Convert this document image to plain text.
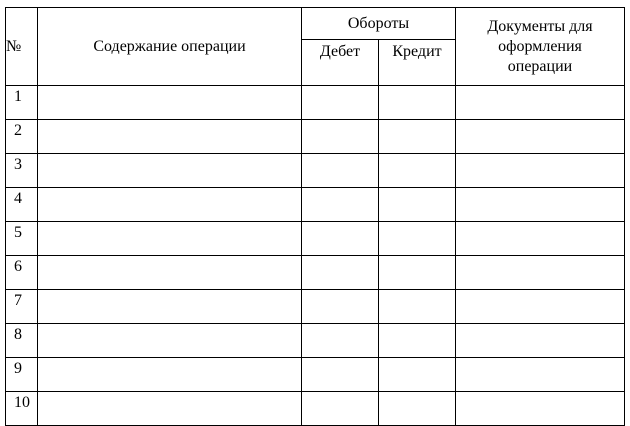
№	Содержание операции	Обороты		Документы для оформления операции
		Дебет	Кредит	
1				
2				
3				
4				
5				
6				
7				
8				
9				
10				
